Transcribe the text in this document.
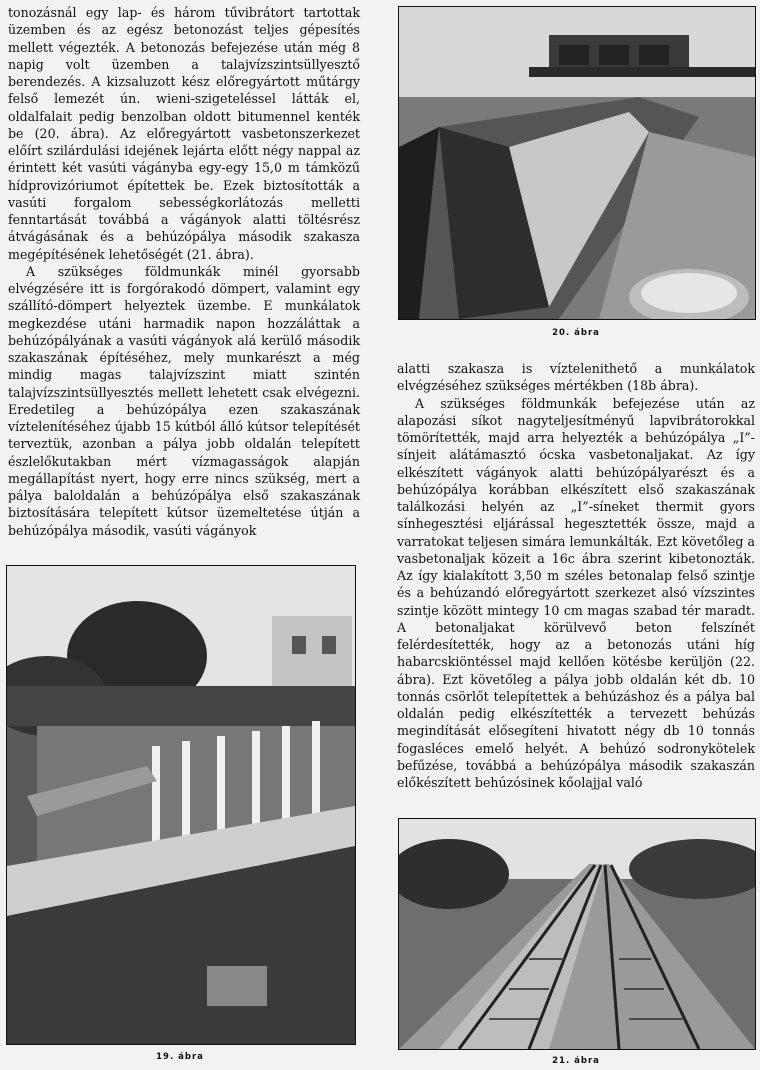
tonozásnál egy lap- és három tűvibrátort tartottak üzemben és az egész betonozást teljes gépesítés mellett végezték. A betonozás befejezése után még 8 napig volt üzemben a talajvízszintsüllyesztő berendezés. A kizsaluzott kész előregyártott műtárgy felső lemezét ún. wieni-szigeteléssel látták el, oldalfalait pedig benzolban oldott bitumennel kenték be (20. ábra). Az előregyártott vasbetonszerkezet előírt szilárdulási idejének lejárta előtt négy nappal az érintett két vasúti vágányba egy-egy 15,0 m támközű hídprovizóriumot építettek be. Ezek biztosították a vasúti forgalom sebességkorlátozás melletti fenntartását továbbá a vágányok alatti töltésrész átvágásának és a behúzópálya második szakasza megépítésének lehetőségét (21. ábra).

A szükséges földmunkák minél gyorsabb elvégzésére itt is forgórakodó dömpert, valamint egy szállító-dömpert helyeztek üzembe. E munkálatok megkezdése utáni harmadik napon hozzáláttak a behúzópályának a vasúti vágányok alá kerülő második szakaszának építéséhez, mely munkarészt a még mindig magas talajvízszint miatt szintén talajvízszintsüllyesztés mellett lehetett csak elvégezni. Eredetileg a behúzópálya ezen szakaszának víztelenítéséhez újabb 15 kútból álló kútsor telepítését terveztük, azonban a pálya jobb oldalán telepített észlelőkutakban mért vízmagasságok alapján megállapítást nyert, hogy erre nincs szükség, mert a pálya baloldalán a behúzópálya első szakaszának biztosítására telepített kútsor üzemeltetése útján a behúzópálya második, vasúti vágányok

20. ábra

alatti szakasza is víztelenithető a munkálatok elvégzéséhez szükséges mértékben (18b ábra).

A szükséges földmunkák befejezése után az alapozási síkot nagyteljesítményű lapvibrátorokkal tömörítették, majd arra helyezték a behúzópálya „I”-sínjeit alátámasztó ócska vasbetonaljakat. Az így elkészített vágányok alatti behúzópályarészt és a behúzópálya korábban elkészített első szakaszának találkozási helyén az „I”-síneket thermit gyors sínhegesztési eljárással hegesztették össze, majd a varratokat teljesen simára lemunkálták. Ezt követőleg a vasbetonaljak közeit a 16c ábra szerint kibetonozták. Az így kialakított 3,50 m széles betonalap felső szintje és a behúzandó előregyártott szerkezet alsó vízszintes szintje között mintegy 10 cm magas szabad tér maradt. A betonaljakat körülvevő beton felszínét felérdesítették, hogy az a betonozás utáni híg habarcskiöntéssel majd kellően kötésbe kerüljön (22. ábra). Ezt követőleg a pálya jobb oldalán két db. 10 tonnás csörlőt telepítettek a behúzáshoz és a pálya bal oldalán pedig elkészítették a tervezett behúzás megindítását elősegíteni hivatott négy db 10 tonnás fogasléces emelő helyét. A behúzó sodronykötelek befűzése, továbbá a behúzópálya második szakaszán előkészített behúzósinek kőolajjal való

19. ábra	21. ábra
